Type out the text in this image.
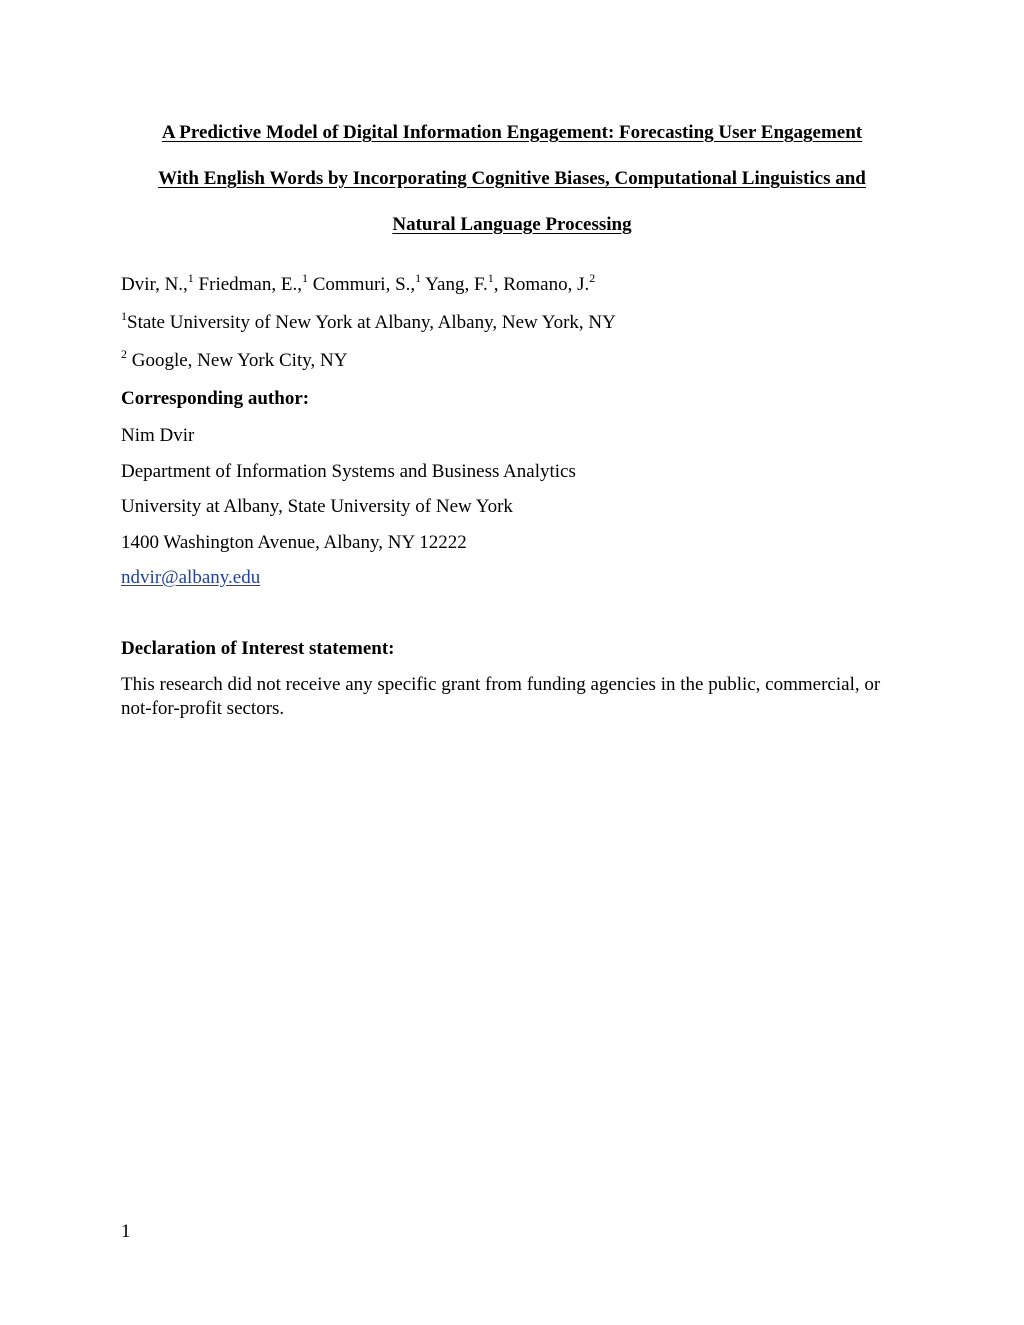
A Predictive Model of Digital Information Engagement: Forecasting User Engagement
With English Words by Incorporating Cognitive Biases, Computational Linguistics and
Natural Language Processing
Dvir, N.,$^1$ Friedman, E.,$^1$ Commuri, S.,$^1$ Yang, F.$^1$, Romano, J.$^2$
$^1$State University of New York at Albany, Albany, New York, NY
$^2$ Google, New York City, NY
Corresponding author:
Nim Dvir
Department of Information Systems and Business Analytics
University at Albany, State University of New York
1400 Washington Avenue, Albany, NY 12222
ndvir@albany.edu
Declaration of Interest statement:
This research did not receive any specific grant from funding agencies in the public, commercial, or not-for-profit sectors.
1
